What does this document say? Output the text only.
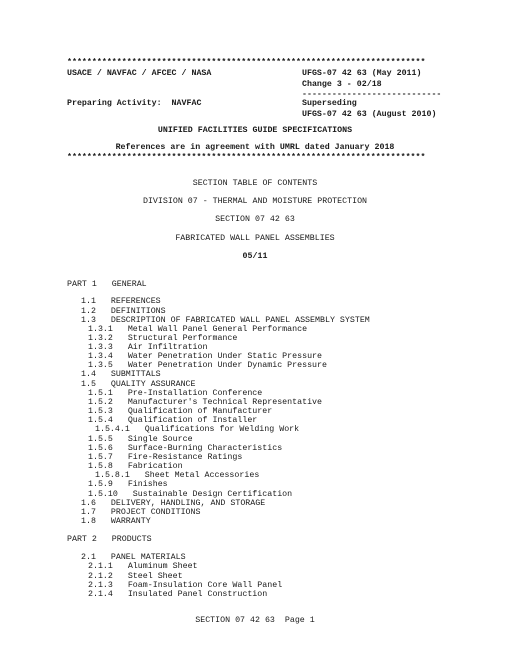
************************************************************************
USACE / NAVFAC / AFCEC / NASA	UFGS-07 42 63 (May 2011)
Change 3 - 02/18
----------------------------
Preparing Activity:  NAVFAC	Superseding
UFGS-07 42 63 (August 2010)
UNIFIED FACILITIES GUIDE SPECIFICATIONS
References are in agreement with UMRL dated January 2018
************************************************************************
SECTION TABLE OF CONTENTS
DIVISION 07 - THERMAL AND MOISTURE PROTECTION
SECTION 07 42 63
FABRICATED WALL PANEL ASSEMBLIES
05/11
PART 1   GENERAL
1.1   REFERENCES
1.2   DEFINITIONS
1.3   DESCRIPTION OF FABRICATED WALL PANEL ASSEMBLY SYSTEM
1.3.1   Metal Wall Panel General Performance
1.3.2   Structural Performance
1.3.3   Air Infiltration
1.3.4   Water Penetration Under Static Pressure
1.3.5   Water Penetration Under Dynamic Pressure
1.4   SUBMITTALS
1.5   QUALITY ASSURANCE
1.5.1   Pre-Installation Conference
1.5.2   Manufacturer's Technical Representative
1.5.3   Qualification of Manufacturer
1.5.4   Qualification of Installer
1.5.4.1   Qualifications for Welding Work
1.5.5   Single Source
1.5.6   Surface-Burning Characteristics
1.5.7   Fire-Resistance Ratings
1.5.8   Fabrication
1.5.8.1   Sheet Metal Accessories
1.5.9   Finishes
1.5.10   Sustainable Design Certification
1.6   DELIVERY, HANDLING, AND STORAGE
1.7   PROJECT CONDITIONS
1.8   WARRANTY
PART 2   PRODUCTS
2.1   PANEL MATERIALS
2.1.1   Aluminum Sheet
2.1.2   Steel Sheet
2.1.3   Foam-Insulation Core Wall Panel
2.1.4   Insulated Panel Construction
SECTION 07 42 63  Page 1
